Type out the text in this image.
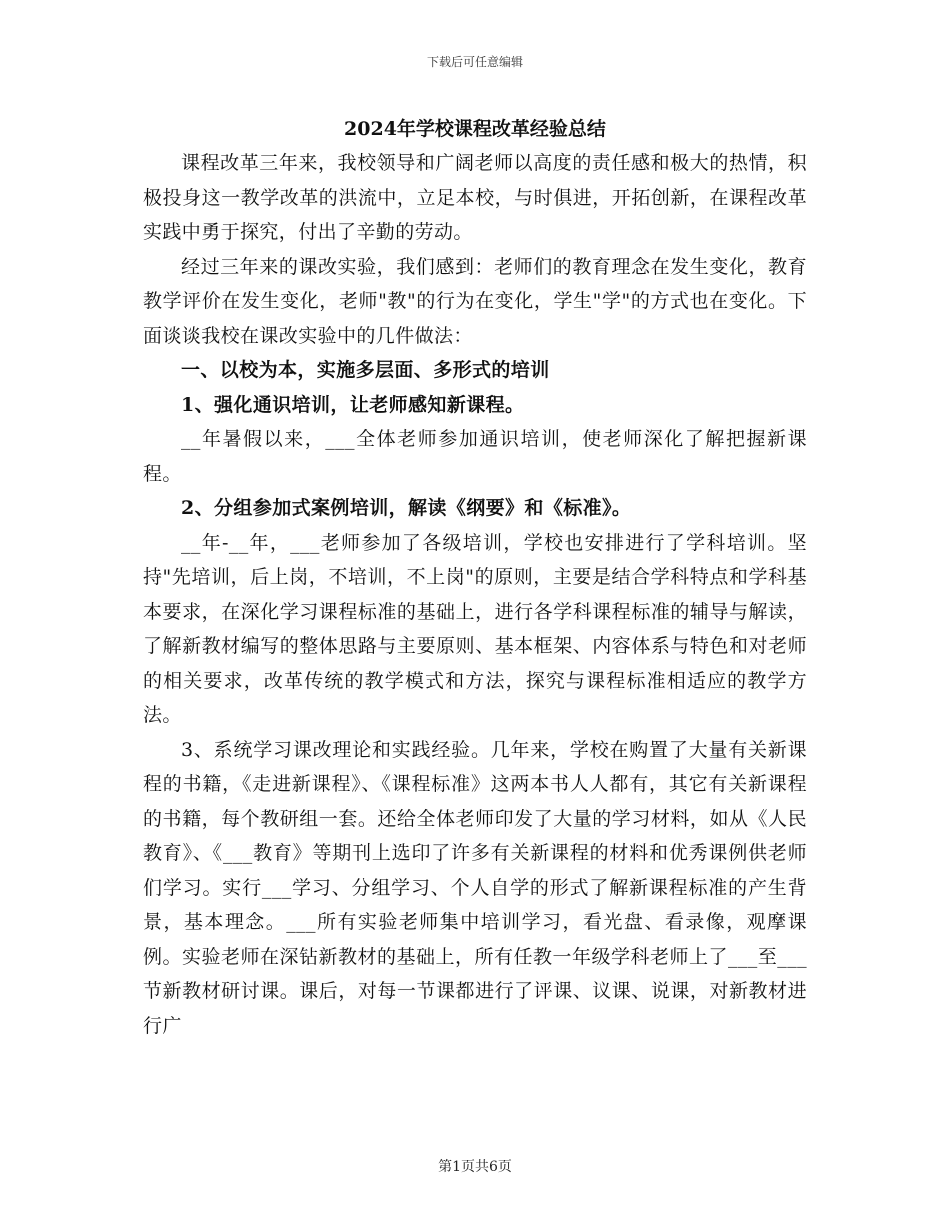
下载后可任意编辑
2024年学校课程改革经验总结

课程改革三年来，我校领导和广阔老师以高度的责任感和极大的热情，积极投身这一教学改革的洪流中，立足本校，与时俱进，开拓创新，在课程改革实践中勇于探究，付出了辛勤的劳动。

经过三年来的课改实验，我们感到：老师们的教育理念在发生变化，教育教学评价在发生变化，老师"教"的行为在变化，学生"学"的方式也在变化。下面谈谈我校在课改实验中的几件做法：

一、以校为本，实施多层面、多形式的培训

1、强化通识培训，让老师感知新课程。

__年暑假以来，___全体老师参加通识培训，使老师深化了解把握新课程。

2、分组参加式案例培训，解读《纲要》和《标准》。

__年-__年，___老师参加了各级培训，学校也安排进行了学科培训。坚持"先培训，后上岗，不培训，不上岗"的原则，主要是结合学科特点和学科基本要求，在深化学习课程标准的基础上，进行各学科课程标准的辅导与解读，了解新教材编写的整体思路与主要原则、基本框架、内容体系与特色和对老师的相关要求，改革传统的教学模式和方法，探究与课程标准相适应的教学方法。

3、系统学习课改理论和实践经验。几年来，学校在购置了大量有关新课程的书籍，《走进新课程》、《课程标准》这两本书人人都有，其它有关新课程的书籍，每个教研组一套。还给全体老师印发了大量的学习材料，如从《人民教育》、《___教育》等期刊上选印了许多有关新课程的材料和优秀课例供老师们学习。实行___学习、分组学习、个人自学的形式了解新课程标准的产生背景，基本理念。___所有实验老师集中培训学习，看光盘、看录像，观摩课例。实验老师在深钻新教材的基础上，所有任教一年级学科老师上了___至___节新教材研讨课。课后，对每一节课都进行了评课、议课、说课，对新教材进行广

第1页共6页
